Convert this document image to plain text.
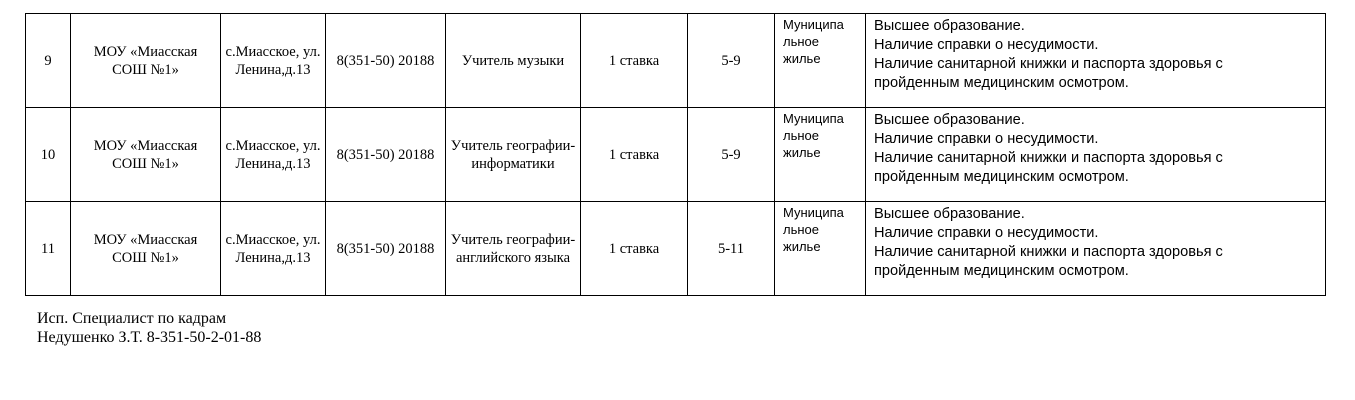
9	МОУ «Миасская СОШ №1»	с.Миасское, ул. Ленина,д.13	8(351-50) 20188	Учитель музыки	1 ставка	5-9	Муниципа
льное
жилье	Высшее образование.
Наличие справки о несудимости.
Наличие санитарной книжки и паспорта здоровья с
пройденным медицинским осмотром.

10	МОУ «Миасская СОШ №1»	с.Миасское, ул. Ленина,д.13	8(351-50) 20188	Учитель географии-информатики	1 ставка	5-9	Муниципа
льное
жилье	Высшее образование.
Наличие справки о несудимости.
Наличие санитарной книжки и паспорта здоровья с
пройденным медицинским осмотром.

11	МОУ «Миасская СОШ №1»	с.Миасское, ул. Ленина,д.13	8(351-50) 20188	Учитель географии-английского языка	1 ставка	5-11	Муниципа
льное
жилье	Высшее образование.
Наличие справки о несудимости.
Наличие санитарной книжки и паспорта здоровья с
пройденным медицинским осмотром.
Исп. Специалист по кадрам
Недушенко З.Т. 8-351-50-2-01-88
